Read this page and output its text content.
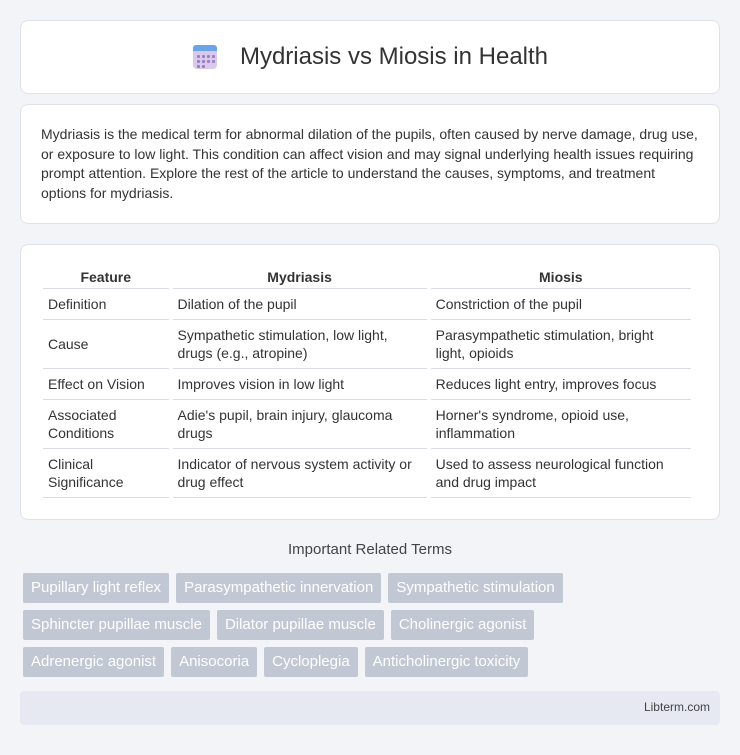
Mydriasis vs Miosis in Health

Mydriasis is the medical term for abnormal dilation of the pupils, often caused by nerve damage, drug use, or exposure to low light. This condition can affect vision and may signal underlying health issues requiring prompt attention. Explore the rest of the article to understand the causes, symptoms, and treatment options for mydriasis.

Feature	Mydriasis	Miosis
Definition	Dilation of the pupil	Constriction of the pupil
Cause	Sympathetic stimulation, low light, drugs (e.g., atropine)	Parasympathetic stimulation, bright light, opioids
Effect on Vision	Improves vision in low light	Reduces light entry, improves focus
Associated Conditions	Adie's pupil, brain injury, glaucoma drugs	Horner's syndrome, opioid use, inflammation
Clinical Significance	Indicator of nervous system activity or drug effect	Used to assess neurological function and drug impact
Important Related Terms
Pupillary light reflex	Parasympathetic innervation	Sympathetic stimulation
Sphincter pupillae muscle	Dilator pupillae muscle	Cholinergic agonist
Adrenergic agonist	Anisocoria	Cycloplegia	Anticholinergic toxicity
Libterm.com
